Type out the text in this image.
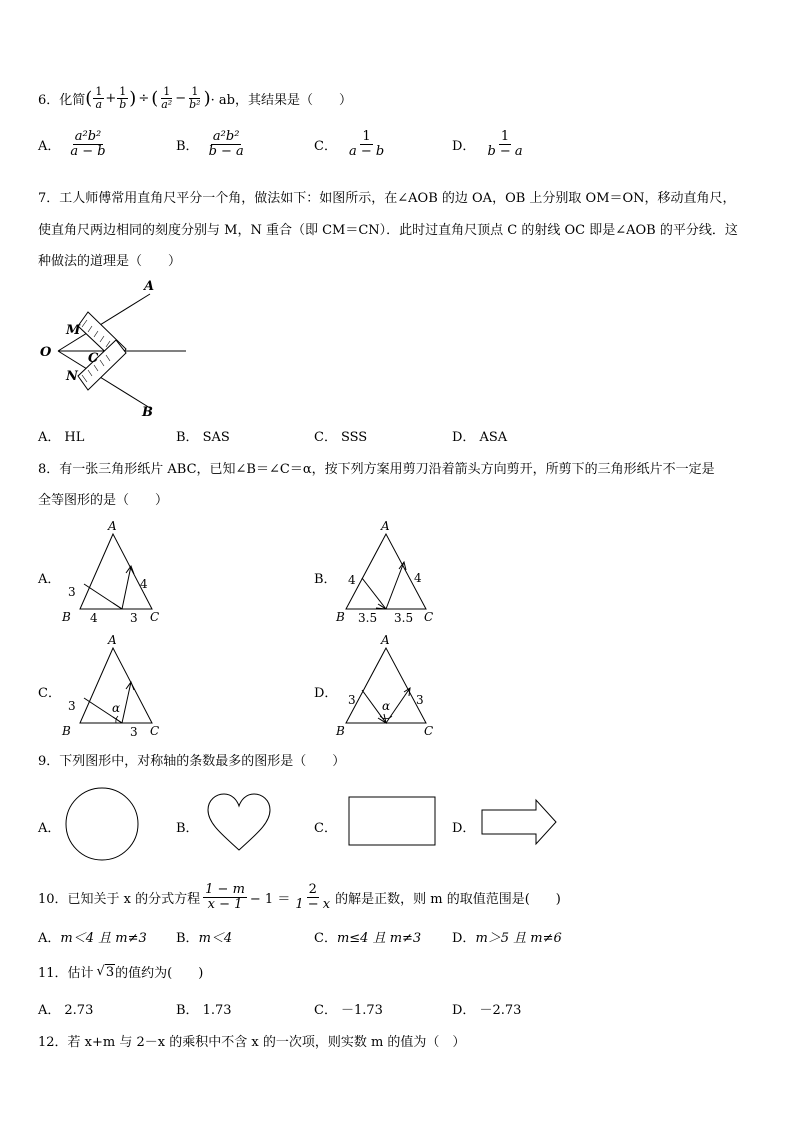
6． 化简 ( $\frac{1}{a} + \frac{1}{b}$ ) ÷ ( $\frac{1}{\text{a²}} - \frac{1}{\text{b²}}$ ) · ab，其结果是（　　）
A． $\frac{\text{a²b²}}{a - b}$	B． $\frac{\text{a²b²}}{b - a}$	C． $\frac{1}{a - b}$	D． $\frac{1}{b - a}$
7．工人师傅常用直角尺平分一个角，做法如下：如图所示，在∠AOB 的边 OA，OB 上分别取 OM＝ON，移动直角尺，
使直角尺两边相同的刻度分别与 M，N 重合（即 CM＝CN）．此时过直角尺顶点 C 的射线 OC 即是∠AOB 的平分线．这
种做法的道理是（　　）
A
B
O
M
N
C
A． HL	B． SAS	C． SSS	D． ASA
8．有一张三角形纸片 ABC，已知∠B＝∠C＝α，按下列方案用剪刀沿着箭头方向剪开，所剪下的三角形纸片不一定是
全等图形的是（　　）
A．
A
B	C
3
4	3
4	B．
A
B	C
4
3.5 3.5
4
C．
A
B	C
3	α
3
D．
A
B	C
3 α 3
9．下列图形中，对称轴的条数最多的图形是（　　）
A．	B．	C．	D．
10．已知关于 x 的分式方程 $\frac{1 - m}{x - 1} - 1 = \frac{2}{1 - x}$ 的解是正数，则 m 的取值范围是(　　)
A．m＜4 且 m≠3 B．m＜4	C．m≤4 且 m≠3 D．m＞5 且 m≠6
11．估计 √ 3 的值约为(　　)
A． 2.73	B． 1.73	C． －1.73	D． －2.73
12．若 x+m 与 2－x 的乘积中不含 x 的一次项，则实数 m 的值为（　）
